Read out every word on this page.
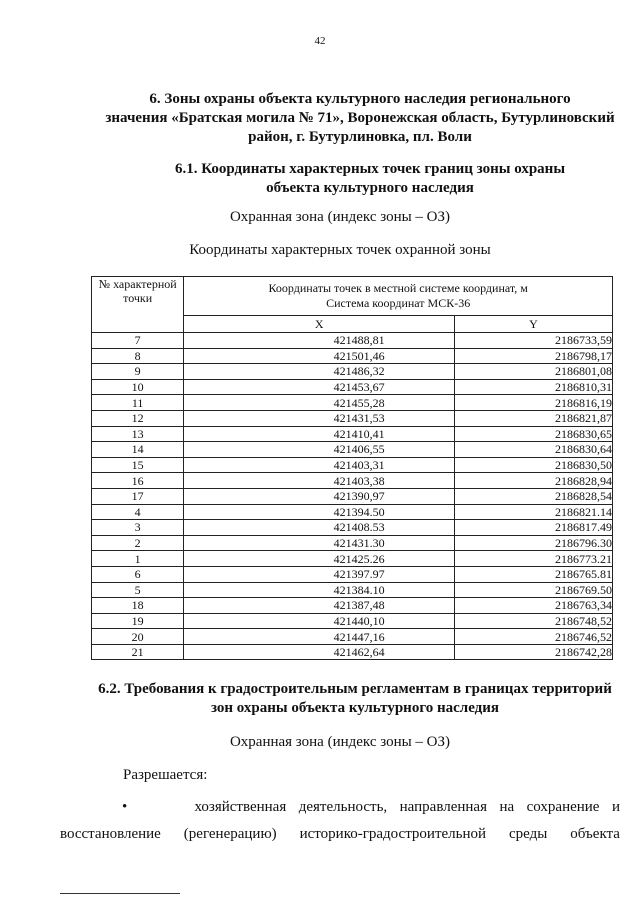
42
6. Зоны охраны объекта культурного наследия регионального
значения «Братская могила № 71», Воронежская область, Бутурлиновский
район, г. Бутурлиновка, пл. Воли
6.1. Координаты характерных точек границ зоны охраны
объекта культурного наследия
Охранная зона (индекс зоны – ОЗ)
Координаты характерных точек охранной зоны
№ характерной точки	Координаты точек в местной системе координат, м
Система координат МСК-36	

	X	Y
7	421488,81	2186733,59
8	421501,46	2186798,17
9	421486,32	2186801,08
10	421453,67	2186810,31
11	421455,28	2186816,19
12	421431,53	2186821,87
13	421410,41	2186830,65
14	421406,55	2186830,64
15	421403,31	2186830,50
16	421403,38	2186828,94
17	421390,97	2186828,54
4	421394.50	2186821.14
3	421408.53	2186817.49
2	421431.30	2186796.30
1	421425.26	2186773.21
6	421397.97	2186765.81
5	421384.10	2186769.50
18	421387,48	2186763,34
19	421440,10	2186748,52
20	421447,16	2186746,52
21	421462,64	2186742,28
6.2. Требования к градостроительным регламентам в границах территорий
зон охраны объекта культурного наследия
Охранная зона (индекс зоны – ОЗ)
Разрешается:
•	хозяйственная деятельность, направленная на сохранение и
восстановление (регенерацию) историко-градостроительной среды объекта
